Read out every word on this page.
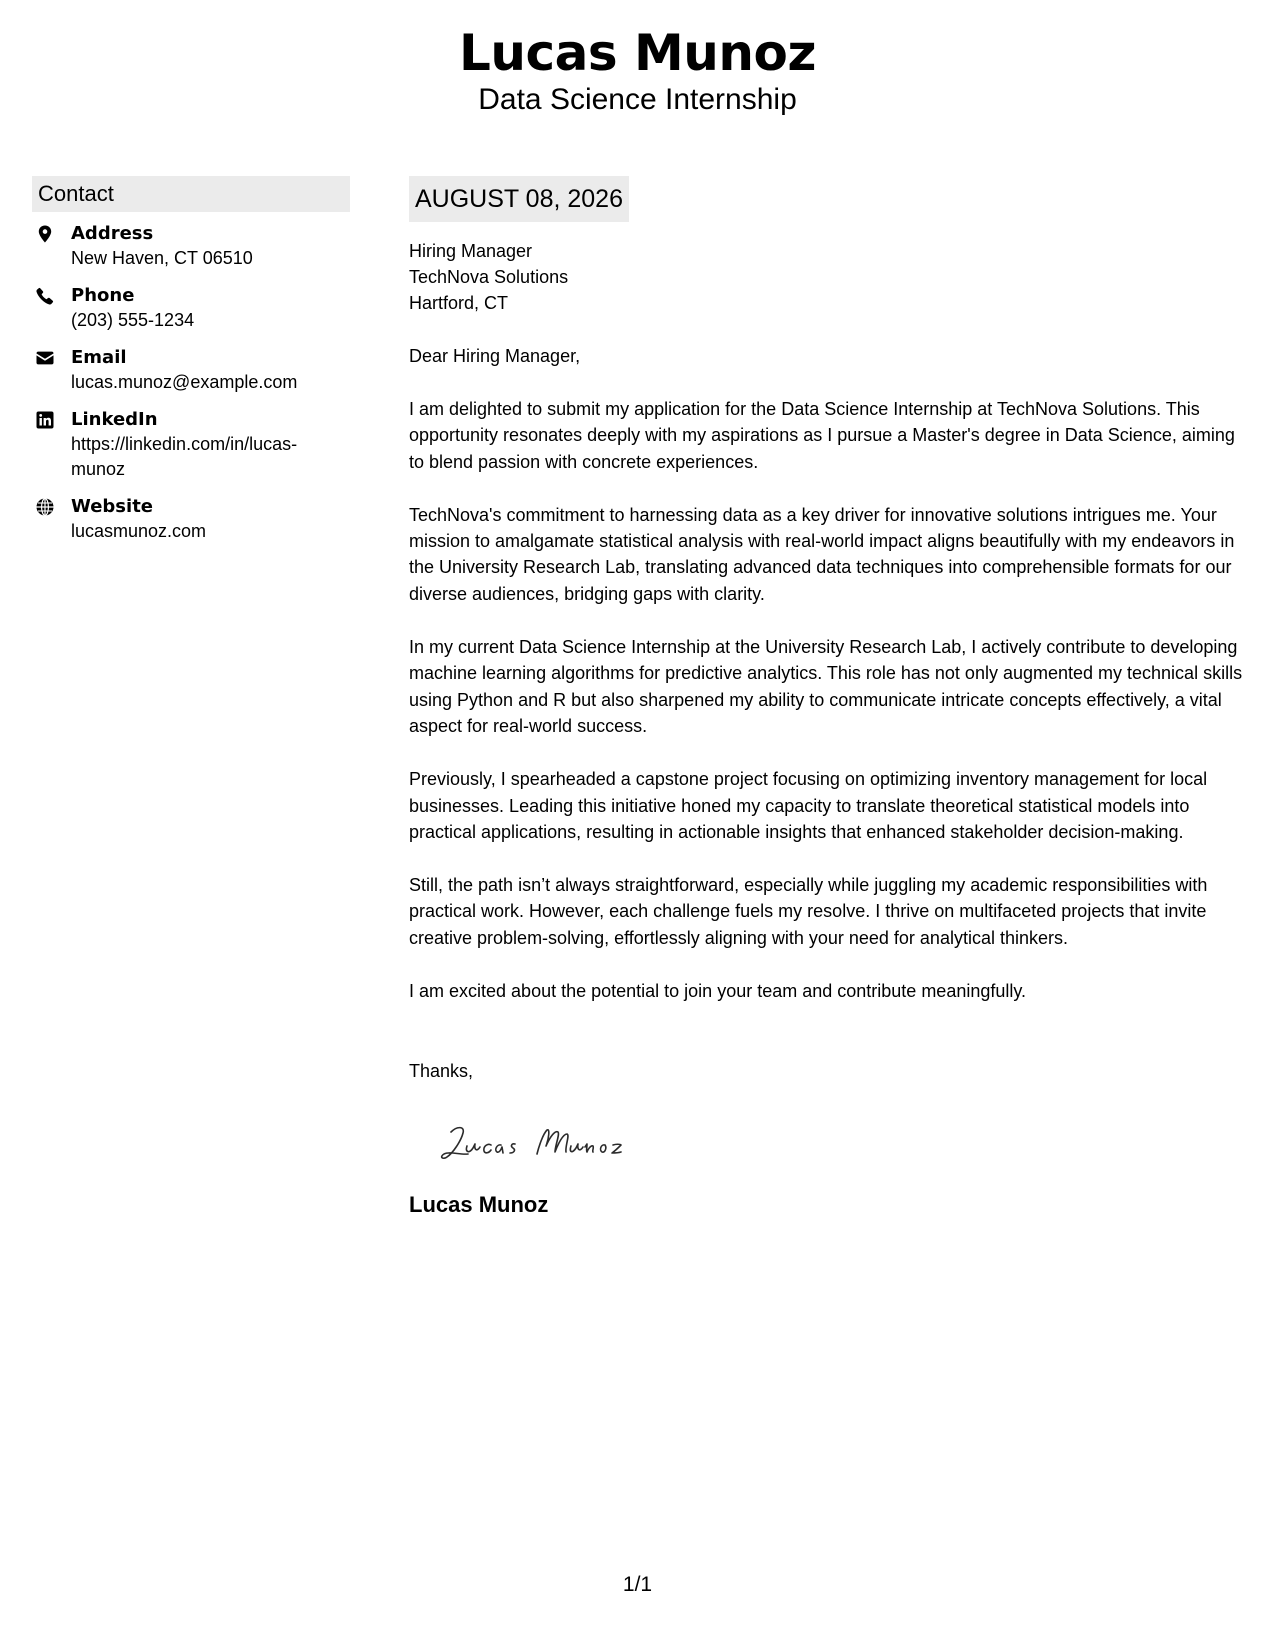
Lucas Munoz
Data Science Internship
Contact
Address
New Haven, CT 06510
Phone
(203) 555-1234
Email
lucas.munoz@example.com
LinkedIn
https://linkedin.com/in/lucas-munoz
Website
lucasmunoz.com
AUGUST 08, 2026
Hiring Manager
TechNova Solutions
Hartford, CT
Dear Hiring Manager,
I am delighted to submit my application for the Data Science Internship at TechNova Solutions. This opportunity resonates deeply with my aspirations as I pursue a Master's degree in Data Science, aiming to blend passion with concrete experiences.
TechNova's commitment to harnessing data as a key driver for innovative solutions intrigues me. Your mission to amalgamate statistical analysis with real-world impact aligns beautifully with my endeavors in the University Research Lab, translating advanced data techniques into comprehensible formats for our diverse audiences, bridging gaps with clarity.
In my current Data Science Internship at the University Research Lab, I actively contribute to developing machine learning algorithms for predictive analytics. This role has not only augmented my technical skills using Python and R but also sharpened my ability to communicate intricate concepts effectively, a vital aspect for real-world success.
Previously, I spearheaded a capstone project focusing on optimizing inventory management for local businesses. Leading this initiative honed my capacity to translate theoretical statistical models into practical applications, resulting in actionable insights that enhanced stakeholder decision-making.
Still, the path isn’t always straightforward, especially while juggling my academic responsibilities with practical work. However, each challenge fuels my resolve. I thrive on multifaceted projects that invite creative problem-solving, effortlessly aligning with your need for analytical thinkers.
I am excited about the potential to join your team and contribute meaningfully.
Thanks,
Lucas Munoz
1/1
